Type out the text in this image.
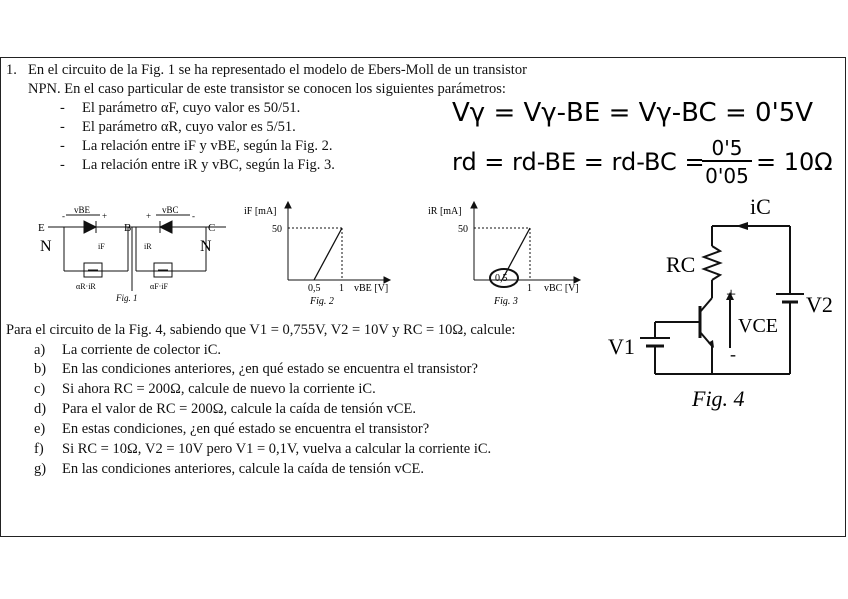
1. En el circuito de la Fig. 1 se ha representado el modelo de Ebers-Moll de un transistor
NPN. En el caso particular de este transistor se conocen los siguientes parámetros:
- El parámetro αF, cuyo valor es 50/51.
- El parámetro αR, cuyo valor es 5/51.
- La relación entre iF y vBE, según la Fig. 2.
- La relación entre iR y vBC, según la Fig. 3.
Vγ = Vγ-BE = Vγ-BC = 0'5V
rd = rd-BE = rd-BC = 0'5
0'05 = 10Ω
E	B	C
vBE	vBC
-	+	+	-
iF	iR
αR·iR	αF·iF
Fig. 1
N	N
iF [mA]
50
0,5 1 vBE [V]
Fig. 2
iR [mA]
50
0,5
1 vBC [V]
Fig. 3
iC
RC
V2
V1
VCE
+
-
Fig. 4
Para el circuito de la Fig. 4, sabiendo que V1 = 0,755V, V2 = 10V y RC = 10Ω, calcule:
a) La corriente de colector iC.
b) En las condiciones anteriores, ¿en qué estado se encuentra el transistor?
c) Si ahora RC = 200Ω, calcule de nuevo la corriente iC.
d) Para el valor de RC = 200Ω, calcule la caída de tensión vCE.
e) En estas condiciones, ¿en qué estado se encuentra el transistor?
f) Si RC = 10Ω, V2 = 10V pero V1 = 0,1V, vuelva a calcular la corriente iC.
g) En las condiciones anteriores, calcule la caída de tensión vCE.
